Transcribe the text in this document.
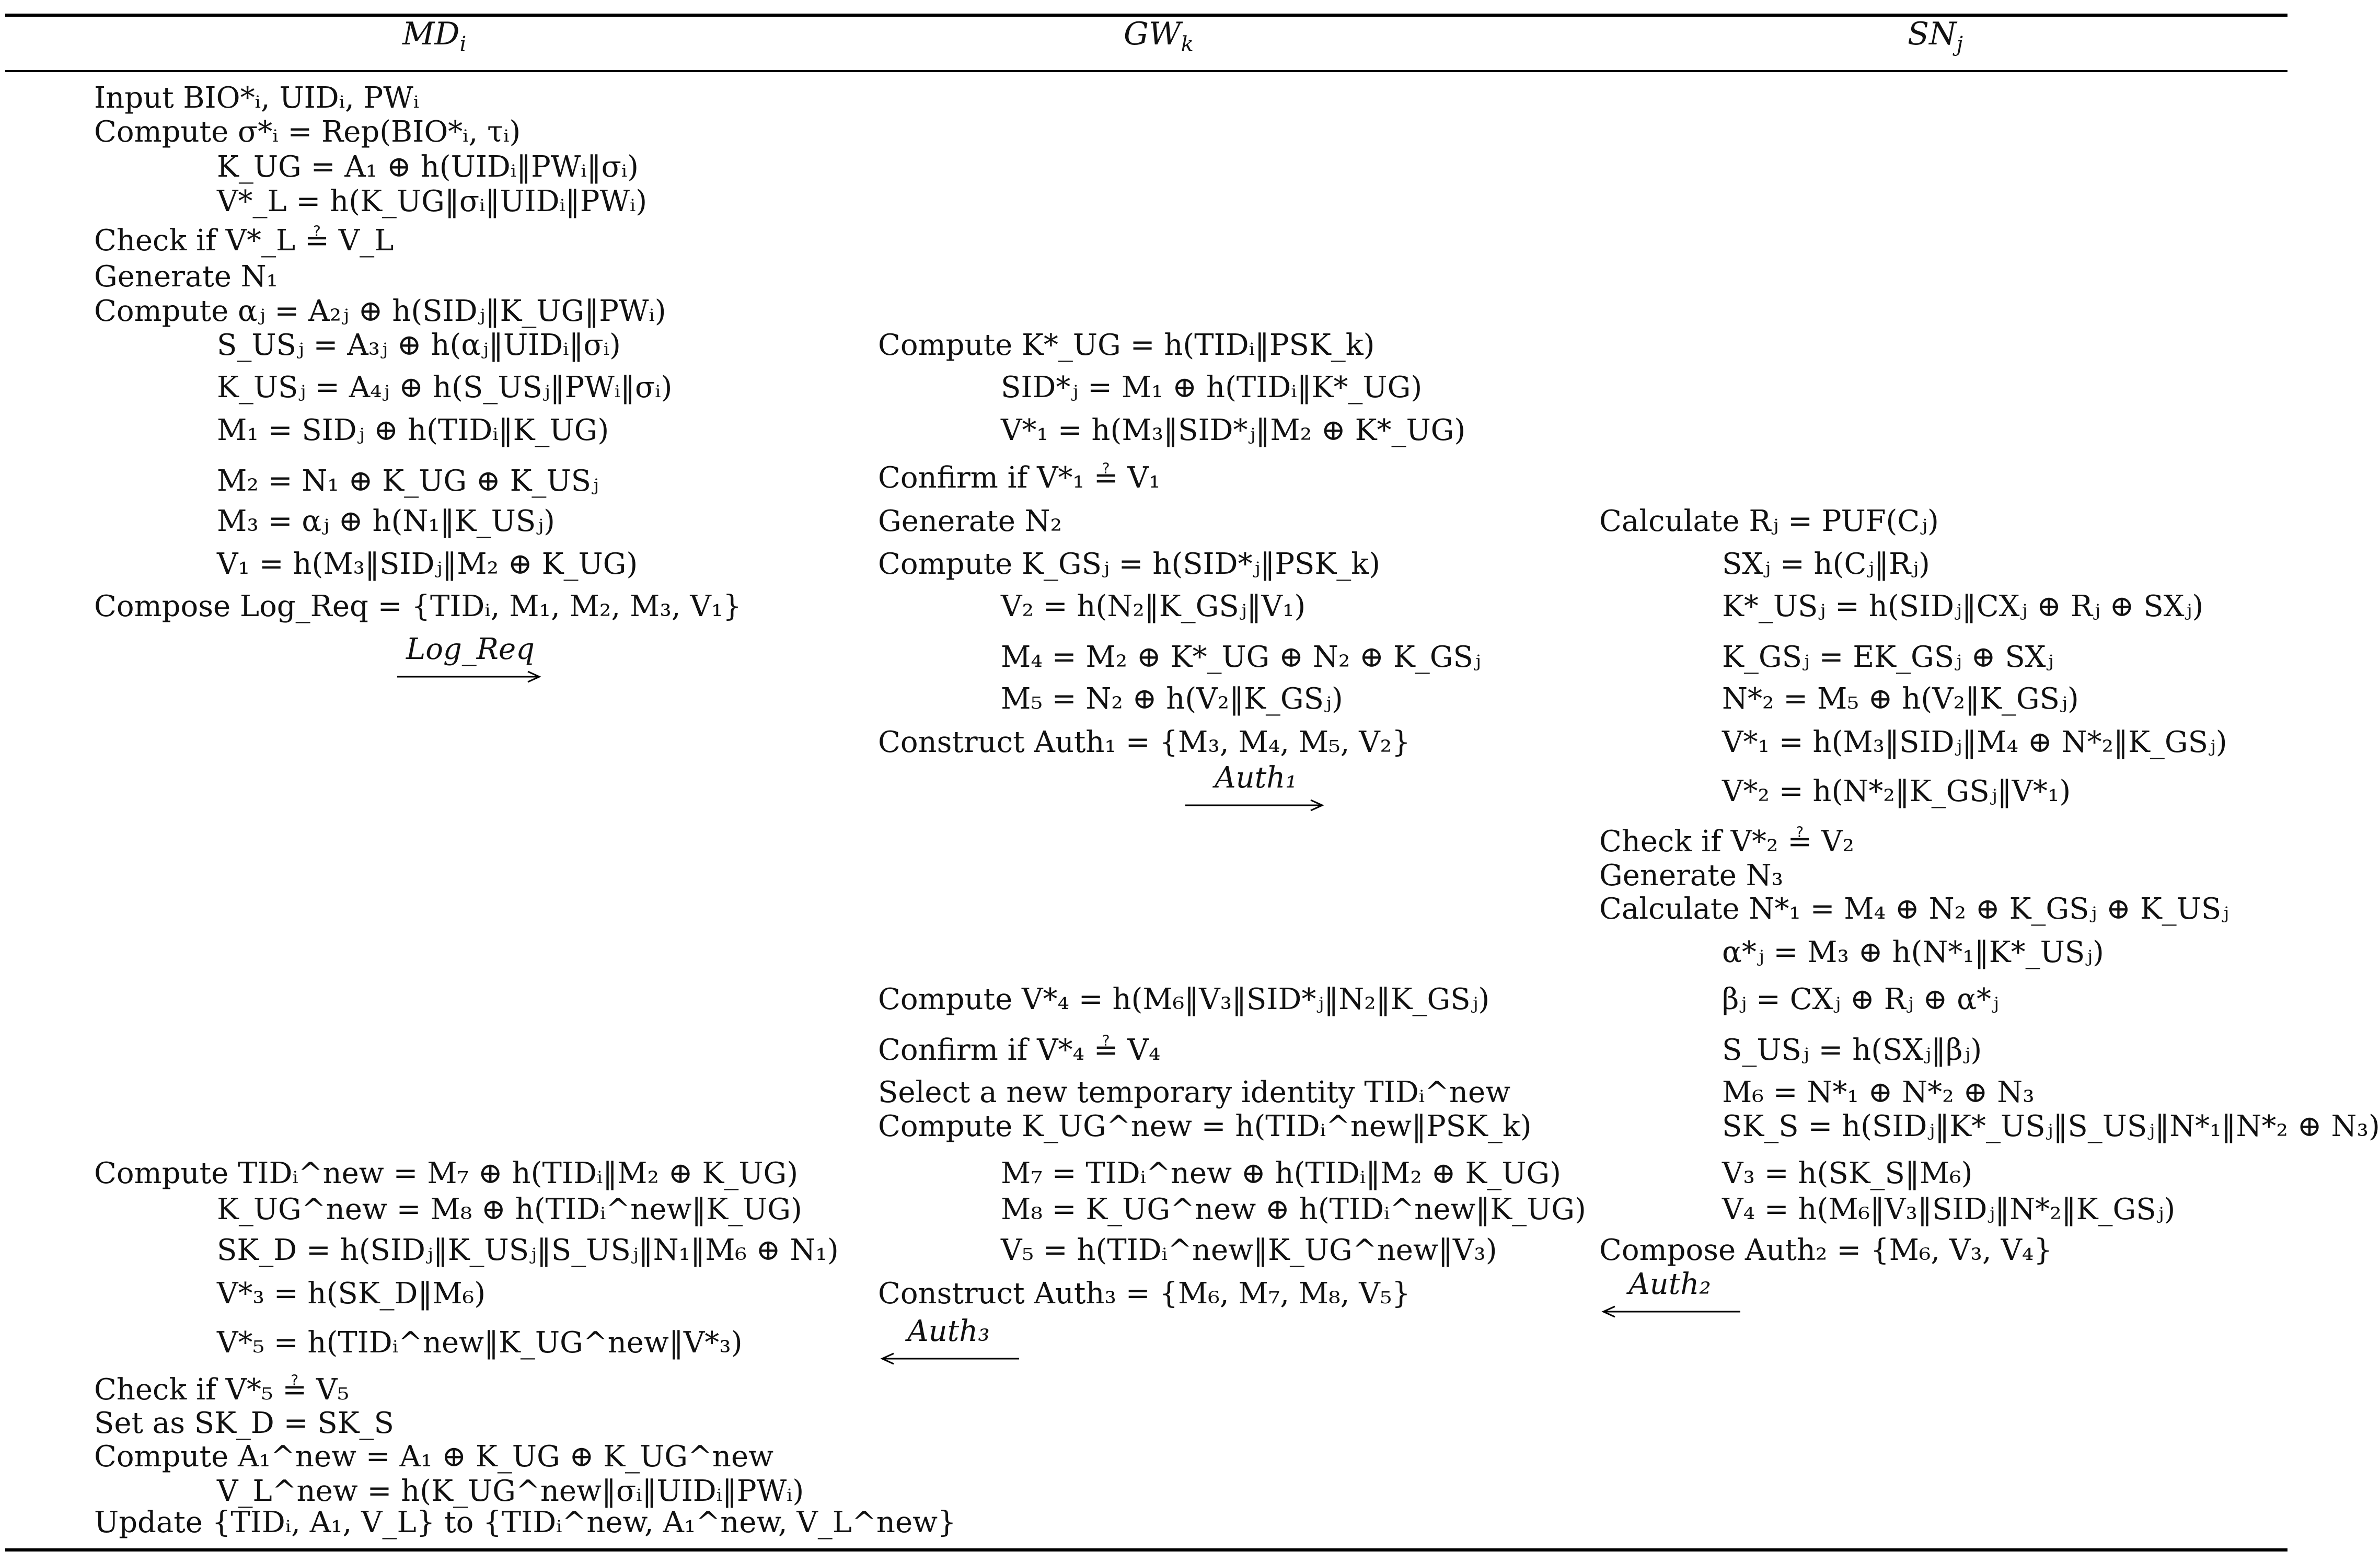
$MD_i$	$GW_k$	$SN_j$
Input BIO*ᵢ, UIDᵢ, PWᵢ
Compute σ*ᵢ = Rep(BIO*ᵢ, τᵢ)
K_UG = A₁ ⊕ h(UIDᵢ‖PWᵢ‖σᵢ)
V*_L = h(K_UG‖σᵢ‖UIDᵢ‖PWᵢ)
Check if V*_L ≟ V_L
Generate N₁
Compute αⱼ = A₂ⱼ ⊕ h(SIDⱼ‖K_UG‖PWᵢ)
S_USⱼ = A₃ⱼ ⊕ h(αⱼ‖UIDᵢ‖σᵢ)
K_USⱼ = A₄ⱼ ⊕ h(S_USⱼ‖PWᵢ‖σᵢ)
M₁ = SIDⱼ ⊕ h(TIDᵢ‖K_UG)
M₂ = N₁ ⊕ K_UG ⊕ K_USⱼ
M₃ = αⱼ ⊕ h(N₁‖K_USⱼ)
V₁ = h(M₃‖SIDⱼ‖M₂ ⊕ K_UG)
Compose Log_Req = {TIDᵢ, M₁, M₂, M₃, V₁}
Log_Req
Compute TIDᵢ^new = M₇ ⊕ h(TIDᵢ‖M₂ ⊕ K_UG)
K_UG^new = M₈ ⊕ h(TIDᵢ^new‖K_UG)
SK_D = h(SIDⱼ‖K_USⱼ‖S_USⱼ‖N₁‖M₆ ⊕ N₁)
V*₃ = h(SK_D‖M₆)
V*₅ = h(TIDᵢ^new‖K_UG^new‖V*₃)
Check if V*₅ ≟ V₅
Set as SK_D = SK_S
Compute A₁^new = A₁ ⊕ K_UG ⊕ K_UG^new
V_L^new = h(K_UG^new‖σᵢ‖UIDᵢ‖PWᵢ)
Update {TIDᵢ, A₁, V_L} to {TIDᵢ^new, A₁^new, V_L^new}
Compute K*_UG = h(TIDᵢ‖PSK_k)
SID*ⱼ = M₁ ⊕ h(TIDᵢ‖K*_UG)
V*₁ = h(M₃‖SID*ⱼ‖M₂ ⊕ K*_UG)
Confirm if V*₁ ≟ V₁
Generate N₂
Compute K_GSⱼ = h(SID*ⱼ‖PSK_k)
V₂ = h(N₂‖K_GSⱼ‖V₁)
M₄ = M₂ ⊕ K*_UG ⊕ N₂ ⊕ K_GSⱼ
M₅ = N₂ ⊕ h(V₂‖K_GSⱼ)
Construct Auth₁ = {M₃, M₄, M₅, V₂}
Auth₁
Compute V*₄ = h(M₆‖V₃‖SID*ⱼ‖N₂‖K_GSⱼ)
Confirm if V*₄ ≟ V₄
Select a new temporary identity TIDᵢ^new
Compute K_UG^new = h(TIDᵢ^new‖PSK_k)
M₇ = TIDᵢ^new ⊕ h(TIDᵢ‖M₂ ⊕ K_UG)
M₈ = K_UG^new ⊕ h(TIDᵢ^new‖K_UG)
V₅ = h(TIDᵢ^new‖K_UG^new‖V₃)
Construct Auth₃ = {M₆, M₇, M₈, V₅}
Auth₃
Calculate Rⱼ = PUF(Cⱼ)
SXⱼ = h(Cⱼ‖Rⱼ)
K*_USⱼ = h(SIDⱼ‖CXⱼ ⊕ Rⱼ ⊕ SXⱼ)
K_GSⱼ = EK_GSⱼ ⊕ SXⱼ
N*₂ = M₅ ⊕ h(V₂‖K_GSⱼ)
V*₁ = h(M₃‖SIDⱼ‖M₄ ⊕ N*₂‖K_GSⱼ)
V*₂ = h(N*₂‖K_GSⱼ‖V*₁)
Check if V*₂ ≟ V₂
Generate N₃
Calculate N*₁ = M₄ ⊕ N₂ ⊕ K_GSⱼ ⊕ K_USⱼ
α*ⱼ = M₃ ⊕ h(N*₁‖K*_USⱼ)
βⱼ = CXⱼ ⊕ Rⱼ ⊕ α*ⱼ
S_USⱼ = h(SXⱼ‖βⱼ)
M₆ = N*₁ ⊕ N*₂ ⊕ N₃
SK_S = h(SIDⱼ‖K*_USⱼ‖S_USⱼ‖N*₁‖N*₂ ⊕ N₃)
V₃ = h(SK_S‖M₆)
V₄ = h(M₆‖V₃‖SIDⱼ‖N*₂‖K_GSⱼ)
Compose Auth₂ = {M₆, V₃, V₄}
Auth₂
